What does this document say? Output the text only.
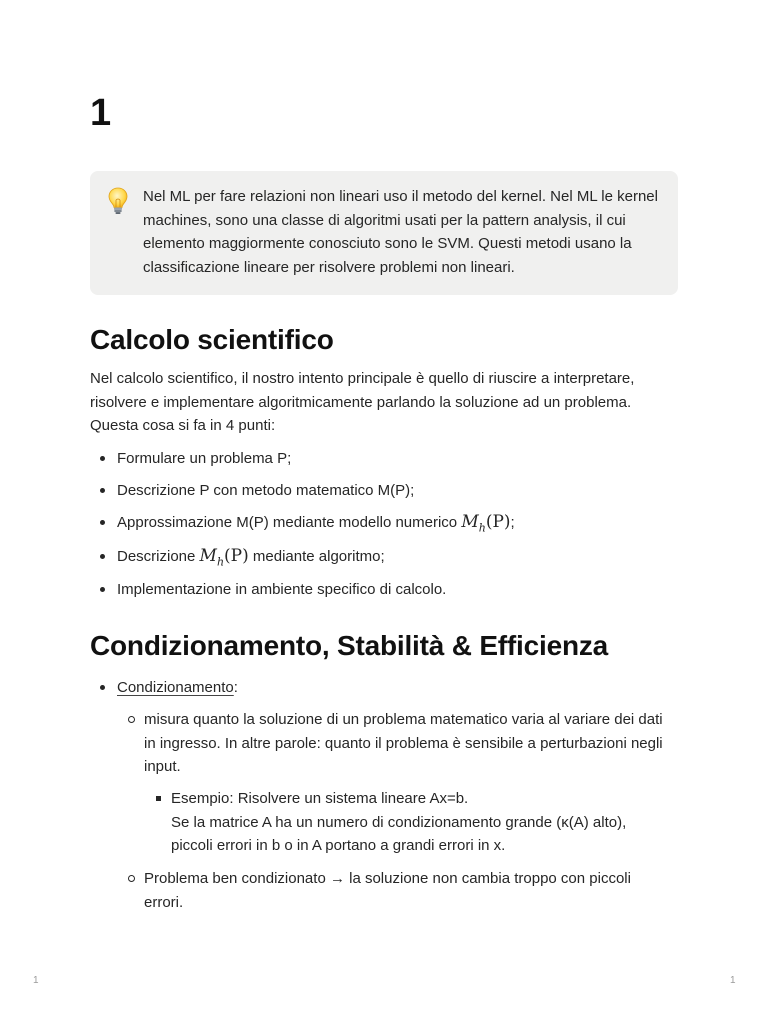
1
Nel ML per fare relazioni non lineari uso il metodo del kernel. Nel ML le kernel machines, sono una classe di algoritmi usati per la pattern analysis, il cui elemento maggiormente conosciuto sono le SVM. Questi metodi usano la classificazione lineare per risolvere problemi non lineari.
Calcolo scientifico

Nel calcolo scientifico, il nostro intento principale è quello di riuscire a interpretare, risolvere e implementare algoritmicamente parlando la soluzione ad un problema. Questa cosa si fa in 4 punti:

Formulare un problema P;
Descrizione P con metodo matematico M(P);
Approssimazione M(P) mediante modello numerico $M_h(P)$;
Descrizione $M_h(P)$ mediante algoritmo;
Implementazione in ambiente specifico di calcolo.
Condizionamento, Stabilità & Efficienza
Condizionamento:
misura quanto la soluzione di un problema matematico varia al variare dei dati in ingresso. In altre parole: quanto il problema è sensibile a perturbazioni negli input.
Esempio: Risolvere un sistema lineare Ax=b.
Se la matrice A ha un numero di condizionamento grande (κ(A) alto), piccoli errori in b o in A portano a grandi errori in x.
Problema ben condizionato → la soluzione non cambia troppo con piccoli errori.
1	1
